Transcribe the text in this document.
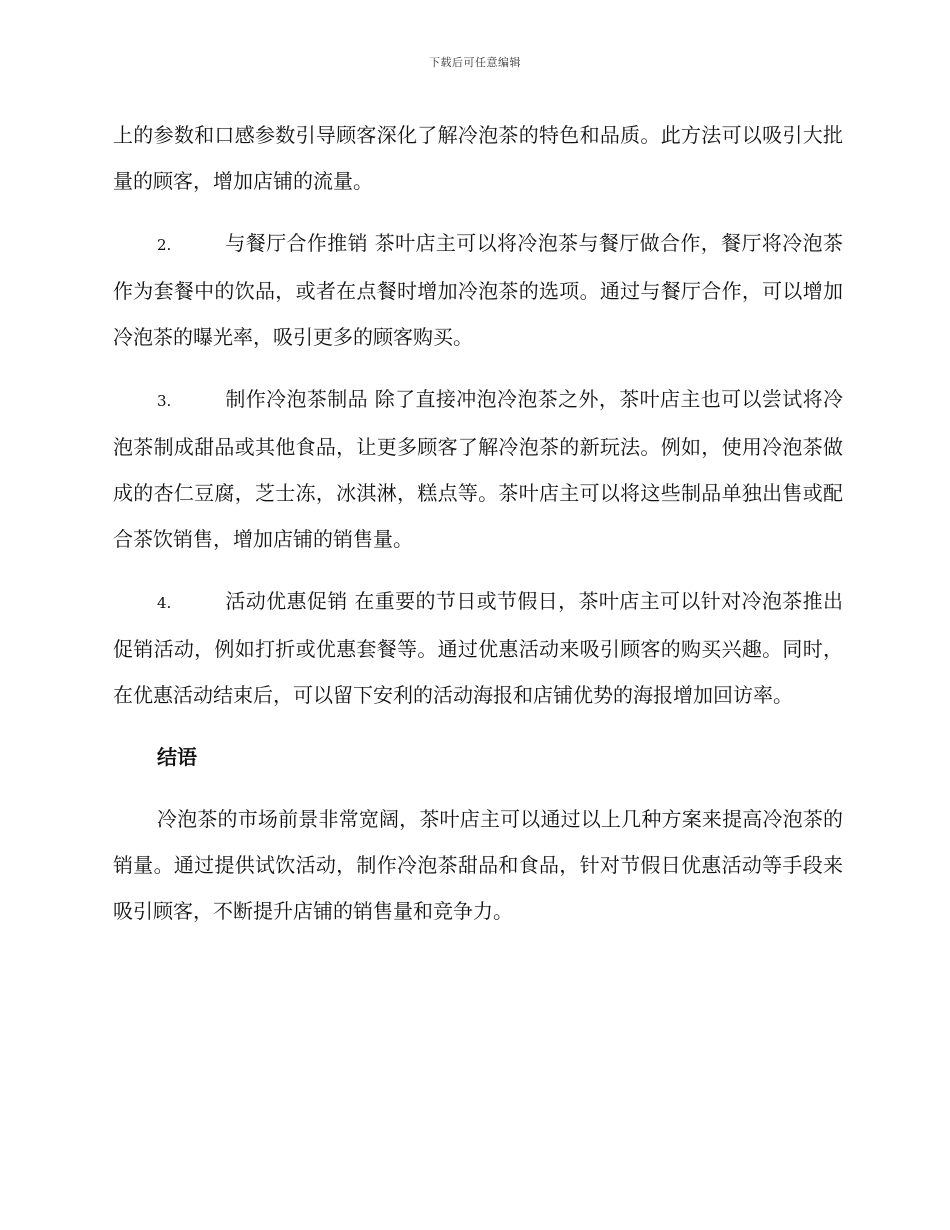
下载后可任意编辑

上的参数和口感参数引导顾客深化了解冷泡茶的特色和品质。此方法可以吸引大批量的顾客，增加店铺的流量。

2.	与餐厅合作推销 茶叶店主可以将冷泡茶与餐厅做合作，餐厅将冷泡茶作为套餐中的饮品，或者在点餐时增加冷泡茶的选项。通过与餐厅合作，可以增加冷泡茶的曝光率，吸引更多的顾客购买。

3.	制作冷泡茶制品 除了直接冲泡冷泡茶之外，茶叶店主也可以尝试将冷泡茶制成甜品或其他食品，让更多顾客了解冷泡茶的新玩法。例如，使用冷泡茶做成的杏仁豆腐，芝士冻，冰淇淋，糕点等。茶叶店主可以将这些制品单独出售或配合茶饮销售，增加店铺的销售量。

4.	活动优惠促销 在重要的节日或节假日，茶叶店主可以针对冷泡茶推出促销活动，例如打折或优惠套餐等。通过优惠活动来吸引顾客的购买兴趣。同时，在优惠活动结束后，可以留下安利的活动海报和店铺优势的海报增加回访率。

结语

冷泡茶的市场前景非常宽阔，茶叶店主可以通过以上几种方案来提高冷泡茶的销量。通过提供试饮活动，制作冷泡茶甜品和食品，针对节假日优惠活动等手段来吸引顾客，不断提升店铺的销售量和竞争力。
